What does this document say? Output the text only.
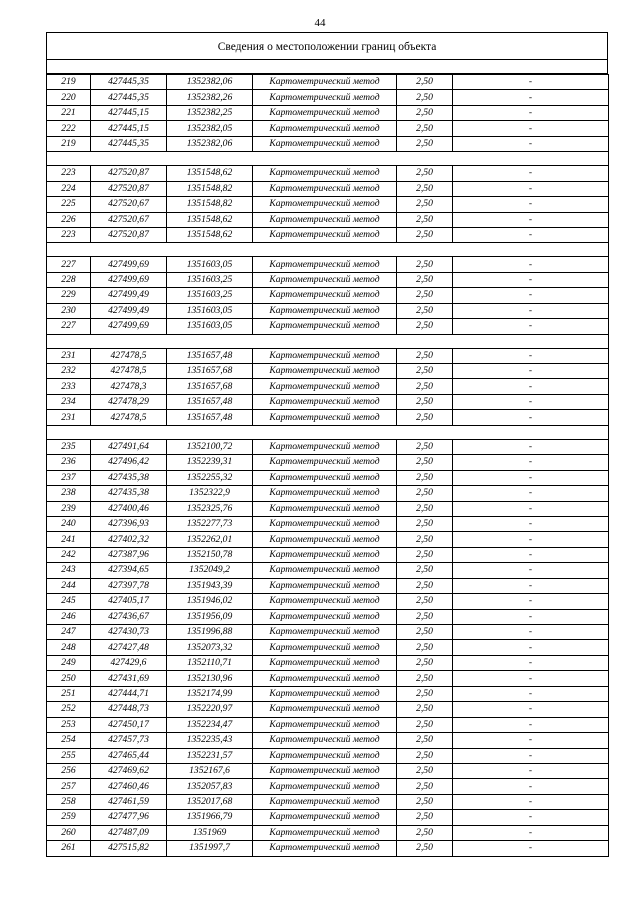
44
Сведения о местоположении границ объекта
219	427445,35	1352382,06	Картометрический метод	2,50	-
220	427445,35	1352382,26	Картометрический метод	2,50	-
221	427445,15	1352382,25	Картометрический метод	2,50	-
222	427445,15	1352382,05	Картометрический метод	2,50	-
219	427445,35	1352382,06	Картометрический метод	2,50	-

223	427520,87	1351548,62	Картометрический метод	2,50	-
224	427520,87	1351548,82	Картометрический метод	2,50	-
225	427520,67	1351548,82	Картометрический метод	2,50	-
226	427520,67	1351548,62	Картометрический метод	2,50	-
223	427520,87	1351548,62	Картометрический метод	2,50	-

227	427499,69	1351603,05	Картометрический метод	2,50	-
228	427499,69	1351603,25	Картометрический метод	2,50	-
229	427499,49	1351603,25	Картометрический метод	2,50	-
230	427499,49	1351603,05	Картометрический метод	2,50	-
227	427499,69	1351603,05	Картометрический метод	2,50	-

231	427478,5	1351657,48	Картометрический метод	2,50	-
232	427478,5	1351657,68	Картометрический метод	2,50	-
233	427478,3	1351657,68	Картометрический метод	2,50	-
234	427478,29	1351657,48	Картометрический метод	2,50	-
231	427478,5	1351657,48	Картометрический метод	2,50	-

235	427491,64	1352100,72	Картометрический метод	2,50	-
236	427496,42	1352239,31	Картометрический метод	2,50	-
237	427435,38	1352255,32	Картометрический метод	2,50	-
238	427435,38	1352322,9	Картометрический метод	2,50	-
239	427400,46	1352325,76	Картометрический метод	2,50	-
240	427396,93	1352277,73	Картометрический метод	2,50	-
241	427402,32	1352262,01	Картометрический метод	2,50	-
242	427387,96	1352150,78	Картометрический метод	2,50	-
243	427394,65	1352049,2	Картометрический метод	2,50	-
244	427397,78	1351943,39	Картометрический метод	2,50	-
245	427405,17	1351946,02	Картометрический метод	2,50	-
246	427436,67	1351956,09	Картометрический метод	2,50	-
247	427430,73	1351996,88	Картометрический метод	2,50	-
248	427427,48	1352073,32	Картометрический метод	2,50	-
249	427429,6	1352110,71	Картометрический метод	2,50	-
250	427431,69	1352130,96	Картометрический метод	2,50	-
251	427444,71	1352174,99	Картометрический метод	2,50	-
252	427448,73	1352220,97	Картометрический метод	2,50	-
253	427450,17	1352234,47	Картометрический метод	2,50	-
254	427457,73	1352235,43	Картометрический метод	2,50	-
255	427465,44	1352231,57	Картометрический метод	2,50	-
256	427469,62	1352167,6	Картометрический метод	2,50	-
257	427460,46	1352057,83	Картометрический метод	2,50	-
258	427461,59	1352017,68	Картометрический метод	2,50	-
259	427477,96	1351966,79	Картометрический метод	2,50	-
260	427487,09	1351969	Картометрический метод	2,50	-
261	427515,82	1351997,7	Картометрический метод	2,50	-
